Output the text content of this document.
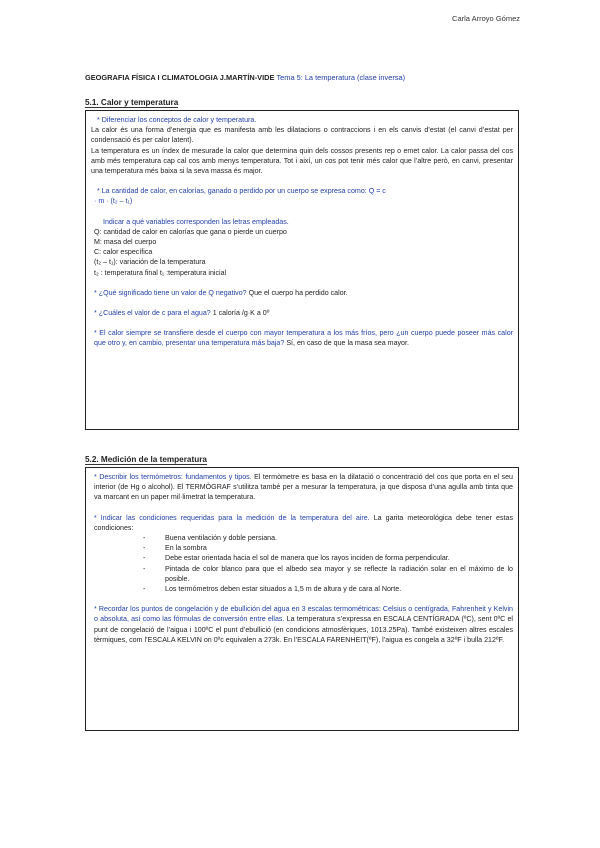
Carla Arroyo Gómez
GEOGRAFIA FÍSICA I CLIMATOLOGIA J.MARTÍN-VIDE Tema 5: La temperatura (clase inversa)
5.1. Calor y temperatura

* Diferenciar los conceptos de calor y temperatura.

La calor és una forma d’energia que es manifesta amb les dilatacions o contraccions i en els canvis d’estat (el canvi d’estat per condensació és per calor latent).

La temperatura es un índex de mesurade la calor que determina quin dels cossos presents rep o emet calor. La calor passa del cos amb més temperatura cap cal cos amb menys temperatura. Tot i així, un cos pot tenir més calor que l’altre però, en canvi, presentar una temperatura més baixa si la seva massa és major.

* La cantidad de calor, en calorías, ganado o perdido por un cuerpo se expresa como: Q = c

· m · (t₂ – t₁)

Indicar a qué variables corresponden las letras empleadas.

Q: cantidad de calor en calorías que gana o pierde un cuerpo

M: masa del cuerpo

C: calor específica

(t₂ – t₁): variación de la temperatura

t₂ : temperatura final t₁ :temperatura inicial

* ¿Qué significado tiene un valor de Q negativo? Que el cuerpo ha perdido calor.

* ¿Cuáles el valor de c para el agua? 1 caloría /g·K a 0º

* El calor siempre se transfiere desde el cuerpo con mayor temperatura a los más fríos, pero ¿un cuerpo puede poseer más calor que otro y, en cambio, presentar una temperatura más baja? Sí, en caso de que la masa sea mayor.

5.2. Medición de la temperatura

* Describir los termómetros: fundamentos y tipos. El termòmetre es basa en la dilatació o concentració del cos que porta en el seu interior (de Hg o alcohol). El TERMÒGRAF s’utilitza també per a mesurar la temperatura, ja que disposa d’una agulla amb tinta que va marcant en un paper mil·limetrat la temperatura.

* Indicar las condiciones requeridas para la medición de la temperatura del aire. La garita meteorológica debe tener estas condiciones:

- Buena ventilación y doble persiana.
- En la sombra
- Debe estar orientada hacia el sol de manera que los rayos inciden de forma perpendicular.
- Pintada de color blanco para que el albedo sea mayor y se reflecte la radiación solar en el máximo de lo posible.
- Los termómetros deben estar situados a 1,5 m de altura y de cara al Norte.

* Recordar los puntos de congelación y de ebullición del agua en 3 escalas termométricas: Celsius o centígrada, Fahrenheit y Kelvin o absoluta, así como las fórmulas de conversión entre ellas. La temperatura s’expressa en ESCALA CENTÍGRADA (ºC), sent 0ºC el punt de congelació de l’aigua i 100ºC el punt d’ebullició (en condicions atmosfèriques, 1013.25Pa). També existeixen altres escales tèrmiques, com l’ESCALA KELVIN on 0ºc equivalen a 273k. En l’ESCALA FARENHEIT(ºF), l’aigua es congela a 32ºF i bulla 212ºF.
